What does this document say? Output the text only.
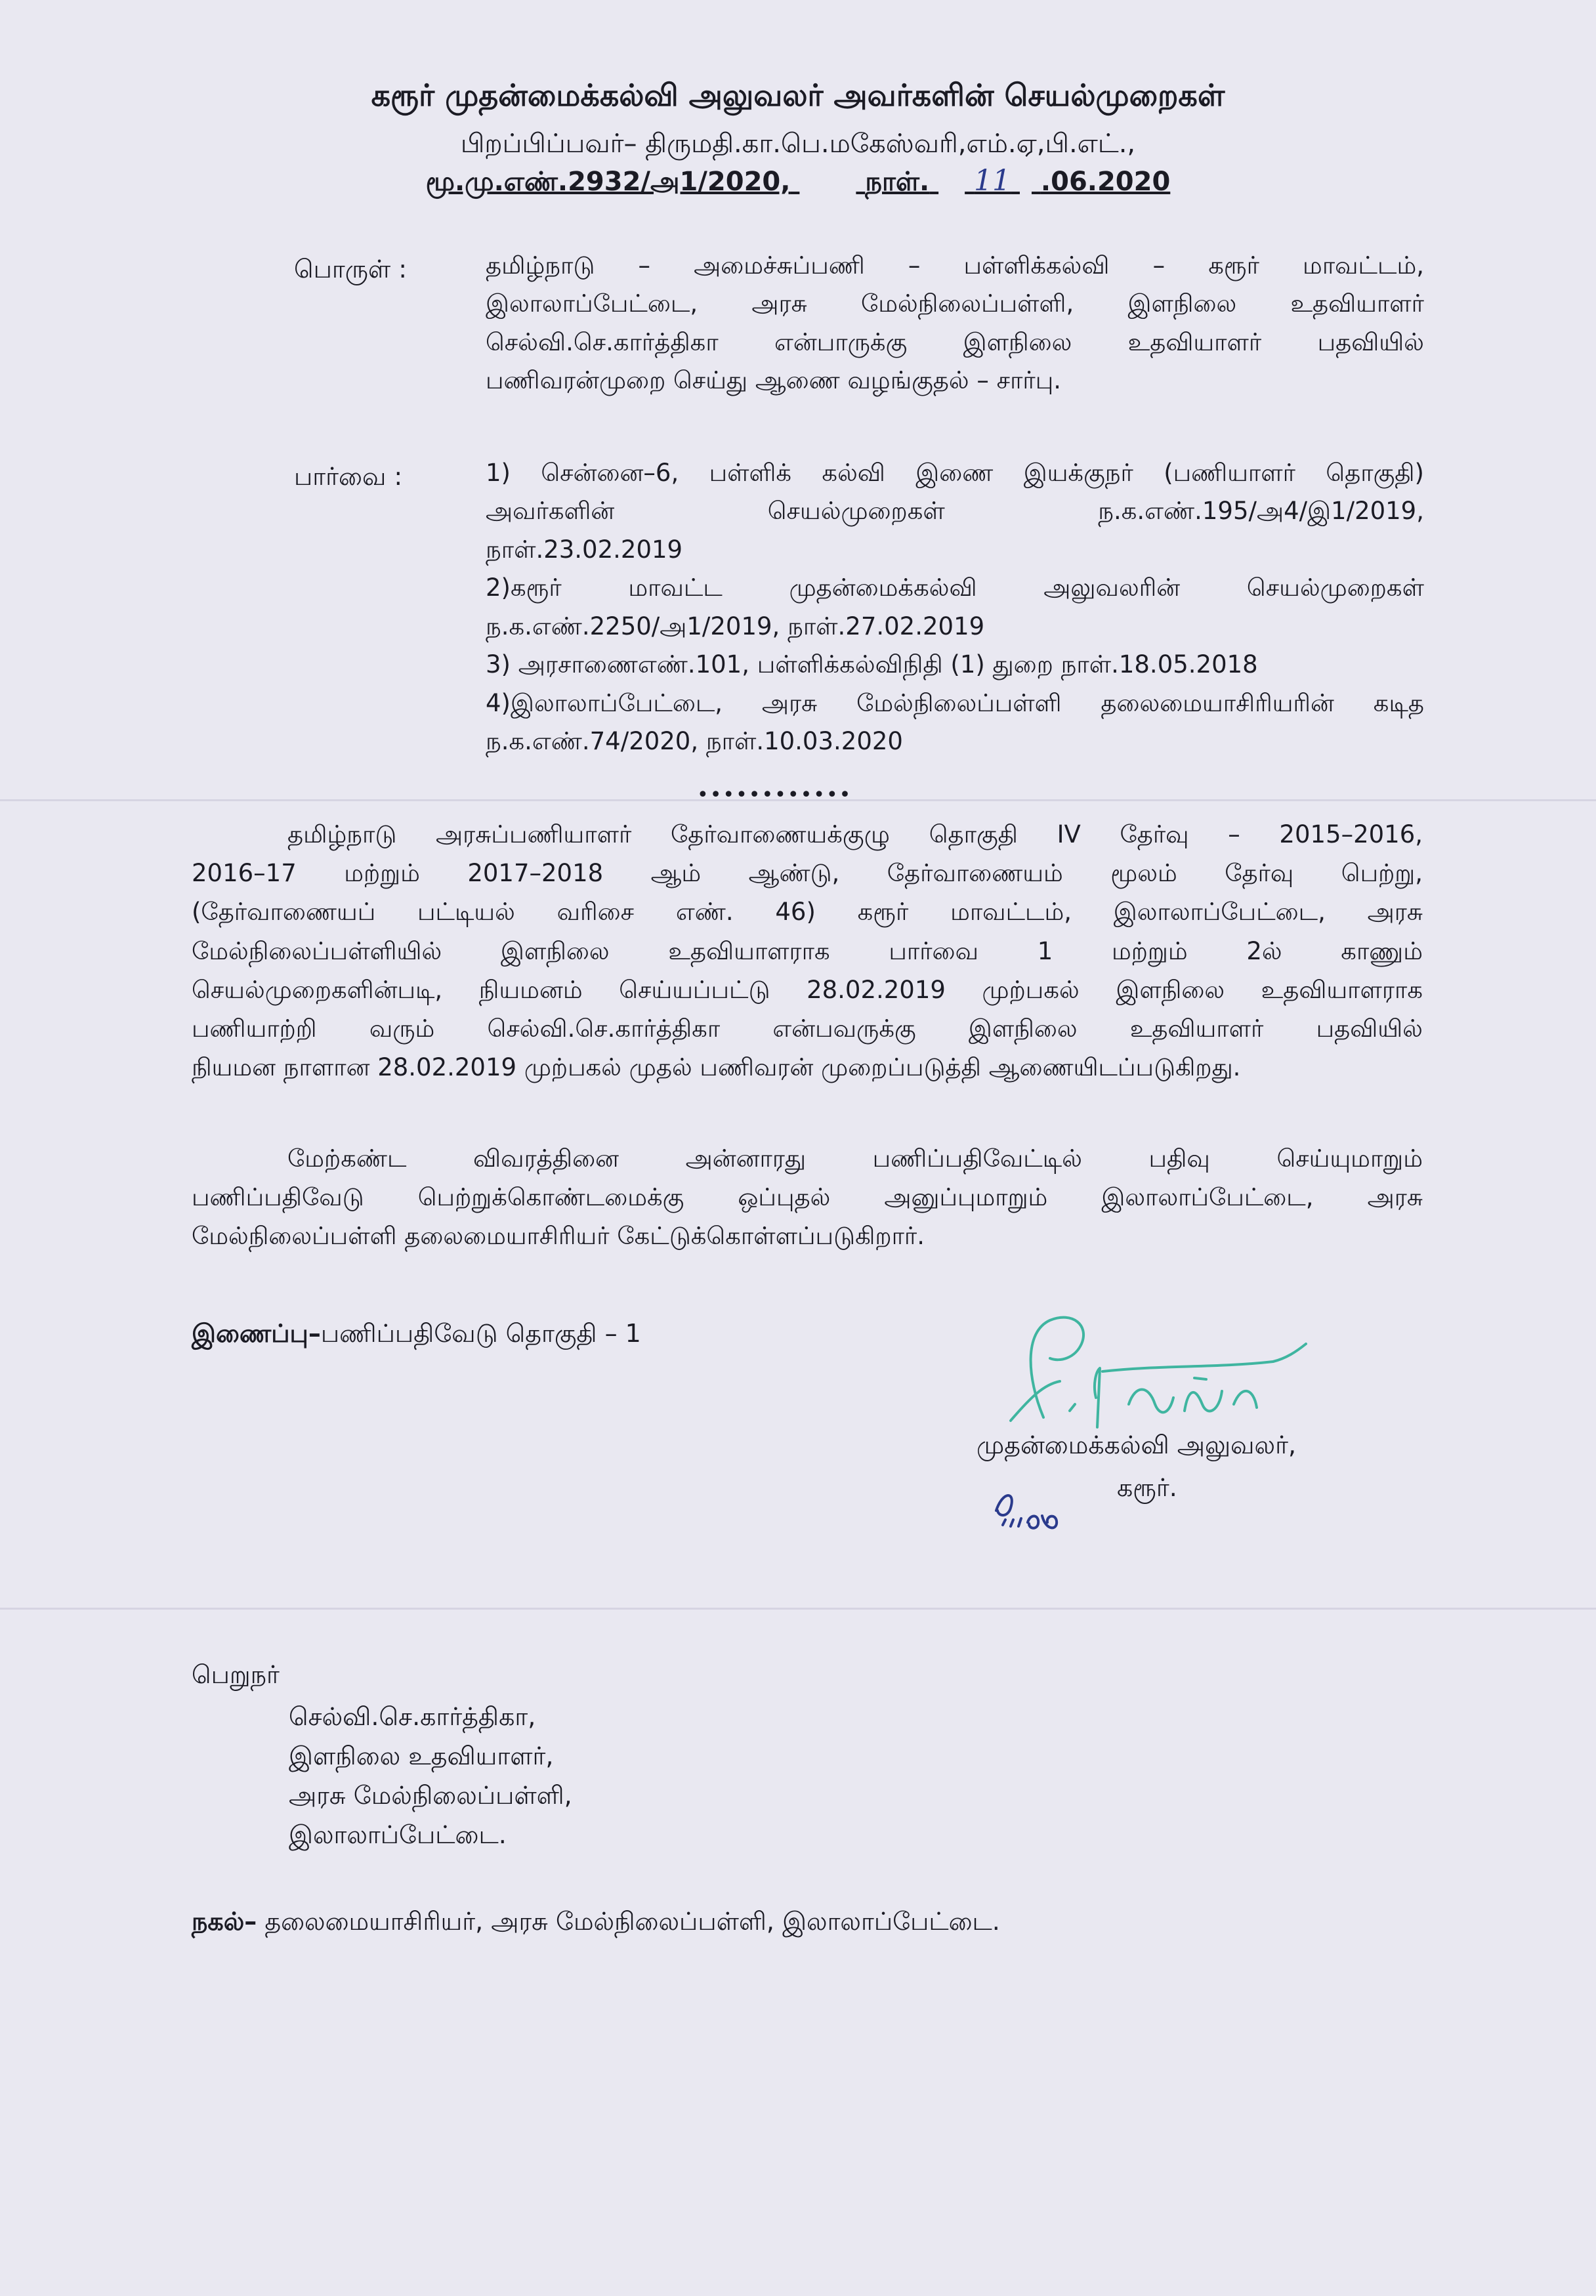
கரூர் முதன்மைக்கல்வி அலுவலர் அவர்களின் செயல்முறைகள்
பிறப்பிப்பவர்– திருமதி.கா.பெ.மகேஸ்வரி,எம்.ஏ,பி.எட்.,
மூ.மு.எண்.2932/அ1/2020,	நாள். 11 .06.2020
பொருள் :	தமிழ்நாடு – அமைச்சுப்பணி – பள்ளிக்கல்வி – கரூர் மாவட்டம்,
இலாலாப்பேட்டை, அரசு மேல்நிலைப்பள்ளி, இளநிலை உதவியாளர்
செல்வி.செ.கார்த்திகா என்பாருக்கு இளநிலை உதவியாளர் பதவியில்
பணிவரன்முறை செய்து ஆணை வழங்குதல் – சார்பு.
பார்வை :	1) சென்னை–6, பள்ளிக் கல்வி இணை இயக்குநர் (பணியாளர் தொகுதி)
அவர்களின் செயல்முறைகள் ந.க.எண்.195/அ4/இ1/2019,
நாள்.23.02.2019
2)கரூர் மாவட்ட முதன்மைக்கல்வி அலுவலரின் செயல்முறைகள்
ந.க.எண்.2250/அ1/2019, நாள்.27.02.2019
3) அரசாணைஎண்.101, பள்ளிக்கல்விநிதி (1) துறை நாள்.18.05.2018
4)இலாலாப்பேட்டை, அரசு மேல்நிலைப்பள்ளி தலைமையாசிரியரின் கடித
ந.க.எண்.74/2020, நாள்.10.03.2020
••••••••••••
தமிழ்நாடு அரசுப்பணியாளர் தேர்வாணையக்குழு தொகுதி IV தேர்வு – 2015–2016,
2016–17 மற்றும் 2017–2018 ஆம் ஆண்டு, தேர்வாணையம் மூலம் தேர்வு பெற்று,
(தேர்வாணையப் பட்டியல் வரிசை எண். 46) கரூர் மாவட்டம், இலாலாப்பேட்டை, அரசு
மேல்நிலைப்பள்ளியில் இளநிலை உதவியாளராக பார்வை 1 மற்றும் 2ல் காணும்
செயல்முறைகளின்படி, நியமனம் செய்யப்பட்டு 28.02.2019 முற்பகல் இளநிலை உதவியாளராக
பணியாற்றி வரும் செல்வி.செ.கார்த்திகா என்பவருக்கு இளநிலை உதவியாளர் பதவியில்
நியமன நாளான 28.02.2019 முற்பகல் முதல் பணிவரன் முறைப்படுத்தி ஆணையிடப்படுகிறது.
மேற்கண்ட விவரத்தினை அன்னாரது பணிப்பதிவேட்டில் பதிவு செய்யுமாறும்
பணிப்பதிவேடு பெற்றுக்கொண்டமைக்கு ஒப்புதல் அனுப்புமாறும் இலாலாப்பேட்டை, அரசு
மேல்நிலைப்பள்ளி தலைமையாசிரியர் கேட்டுக்கொள்ளப்படுகிறார்.
இணைப்பு–பணிப்பதிவேடு தொகுதி – 1
முதன்மைக்கல்வி அலுவலர்,
கரூர்.
பெறுநர்
செல்வி.செ.கார்த்திகா,
இளநிலை உதவியாளர்,
அரசு மேல்நிலைப்பள்ளி,
இலாலாப்பேட்டை.
நகல்– தலைமையாசிரியர், அரசு மேல்நிலைப்பள்ளி, இலாலாப்பேட்டை.
